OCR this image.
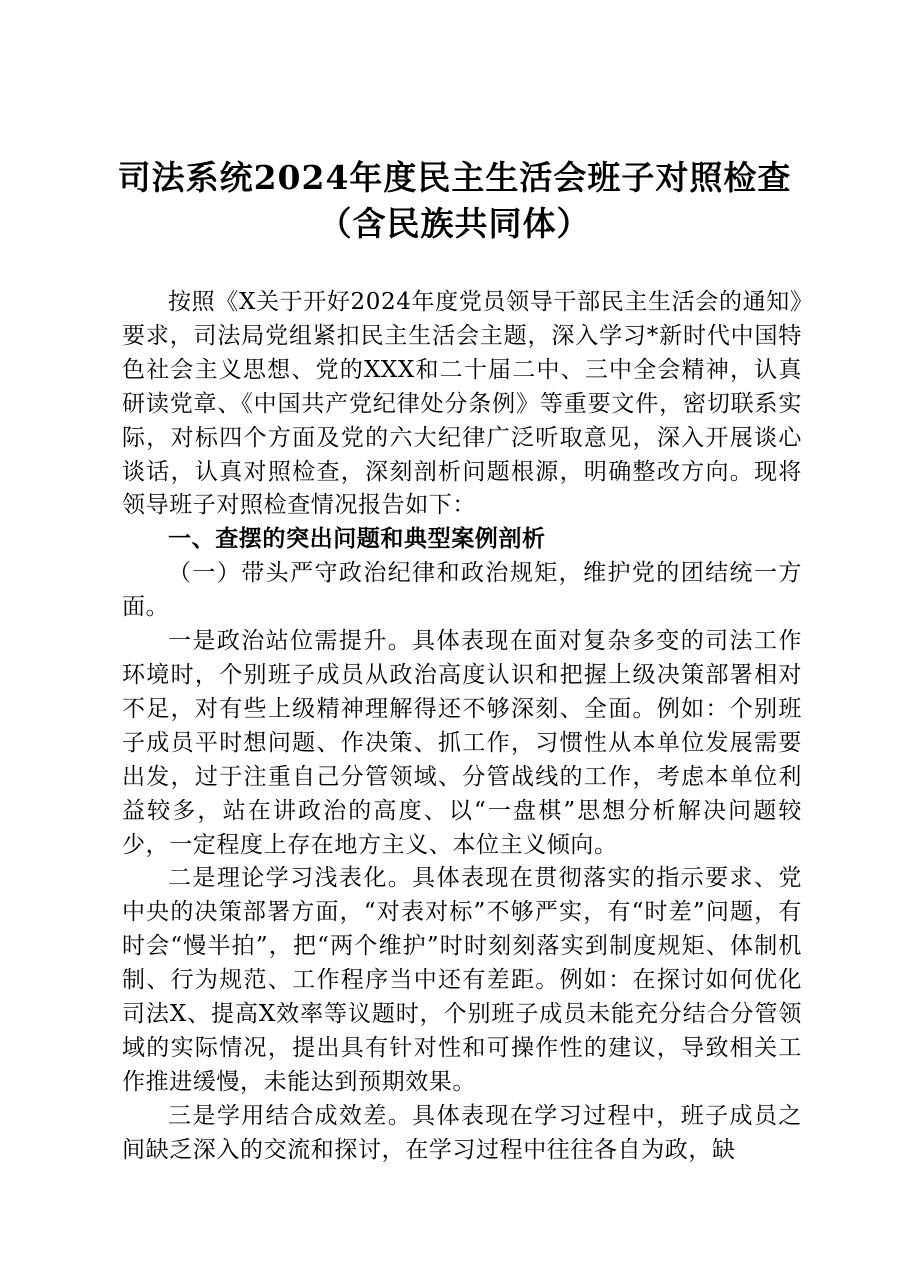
司法系统2024年度民主生活会班子对照检查
（含民族共同体）

按照《X关于开好2024年度党员领导干部民主生活会的通知》要求，司法局党组紧扣民主生活会主题，深入学习*新时代中国特色社会主义思想、党的XXX和二十届二中、三中全会精神，认真研读党章、《中国共产党纪律处分条例》等重要文件，密切联系实际，对标四个方面及党的六大纪律广泛听取意见，深入开展谈心谈话，认真对照检查，深刻剖析问题根源，明确整改方向。现将领导班子对照检查情况报告如下：

一、查摆的突出问题和典型案例剖析

（一）带头严守政治纪律和政治规矩，维护党的团结统一方面。

一是政治站位需提升。具体表现在面对复杂多变的司法工作环境时，个别班子成员从政治高度认识和把握上级决策部署相对不足，对有些上级精神理解得还不够深刻、全面。例如：个别班子成员平时想问题、作决策、抓工作，习惯性从本单位发展需要出发，过于注重自己分管领域、分管战线的工作，考虑本单位利益较多，站在讲政治的高度、以“一盘棋”思想分析解决问题较少，一定程度上存在地方主义、本位主义倾向。

二是理论学习浅表化。具体表现在贯彻落实的指示要求、党中央的决策部署方面，“对表对标”不够严实，有“时差”问题，有时会“慢半拍”，把“两个维护”时时刻刻落实到制度规矩、体制机制、行为规范、工作程序当中还有差距。例如：在探讨如何优化司法X、提高X效率等议题时，个别班子成员未能充分结合分管领域的实际情况，提出具有针对性和可操作性的建议，导致相关工作推进缓慢，未能达到预期效果。

三是学用结合成效差。具体表现在学习过程中，班子成员之间缺乏深入的交流和探讨，在学习过程中往往各自为政，缺
